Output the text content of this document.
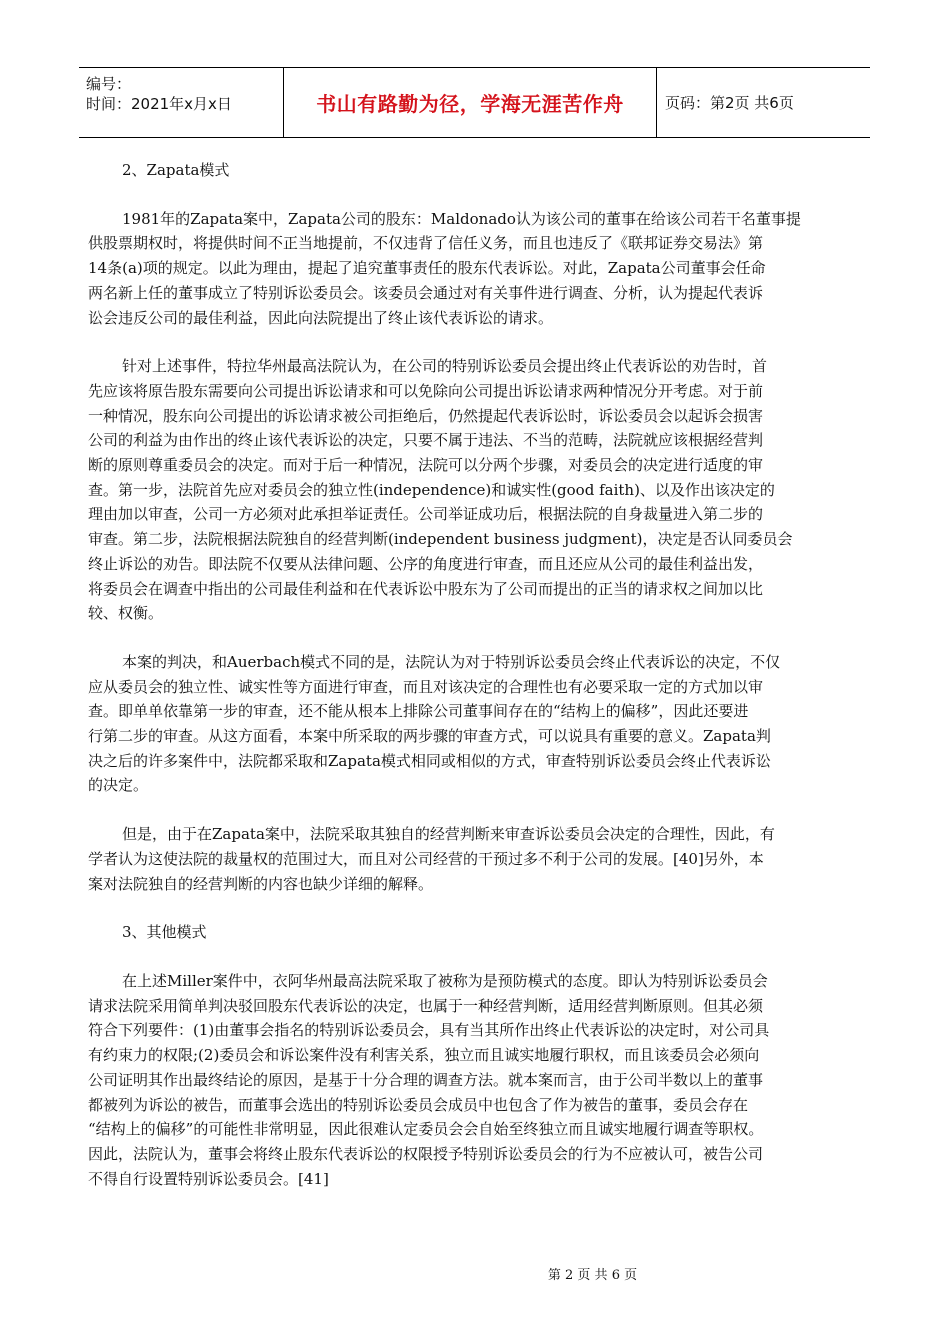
编号：
时间：2021年x月x日	书山有路勤为径，学海无涯苦作舟	页码：第2页 共6页

2、Zapata模式

1981年的Zapata案中，Zapata公司的股东：Maldonado认为该公司的董事在给该公司若干名董事提
供股票期权时，将提供时间不正当地提前，不仅违背了信任义务，而且也违反了《联邦证券交易法》第
14条(a)项的规定。以此为理由，提起了追究董事责任的股东代表诉讼。对此，Zapata公司董事会任命
两名新上任的董事成立了特别诉讼委员会。该委员会通过对有关事件进行调查、分析，认为提起代表诉
讼会违反公司的最佳利益，因此向法院提出了终止该代表诉讼的请求。

针对上述事件，特拉华州最高法院认为，在公司的特别诉讼委员会提出终止代表诉讼的劝告时，首
先应该将原告股东需要向公司提出诉讼请求和可以免除向公司提出诉讼请求两种情况分开考虑。对于前
一种情况，股东向公司提出的诉讼请求被公司拒绝后，仍然提起代表诉讼时，诉讼委员会以起诉会损害
公司的利益为由作出的终止该代表诉讼的决定，只要不属于违法、不当的范畴，法院就应该根据经营判
断的原则尊重委员会的决定。而对于后一种情况，法院可以分两个步骤，对委员会的决定进行适度的审
查。第一步，法院首先应对委员会的独立性(independence)和诚实性(good faith)、以及作出该决定的
理由加以审查，公司一方必须对此承担举证责任。公司举证成功后，根据法院的自身裁量进入第二步的
审查。第二步，法院根据法院独自的经营判断(independent business judgment)，决定是否认同委员会
终止诉讼的劝告。即法院不仅要从法律问题、公序的角度进行审查，而且还应从公司的最佳利益出发，
将委员会在调查中指出的公司最佳利益和在代表诉讼中股东为了公司而提出的正当的请求权之间加以比
较、权衡。

本案的判决，和Auerbach模式不同的是，法院认为对于特别诉讼委员会终止代表诉讼的决定，不仅
应从委员会的独立性、诚实性等方面进行审查，而且对该决定的合理性也有必要采取一定的方式加以审
查。即单单依靠第一步的审查，还不能从根本上排除公司董事间存在的“结构上的偏移”，因此还要进
行第二步的审查。从这方面看，本案中所采取的两步骤的审查方式，可以说具有重要的意义。Zapata判
决之后的许多案件中，法院都采取和Zapata模式相同或相似的方式，审查特别诉讼委员会终止代表诉讼
的决定。

但是，由于在Zapata案中，法院采取其独自的经营判断来审查诉讼委员会决定的合理性，因此，有
学者认为这使法院的裁量权的范围过大，而且对公司经营的干预过多不利于公司的发展。[40]另外，本
案对法院独自的经营判断的内容也缺少详细的解释。

3、其他模式

在上述Miller案件中，衣阿华州最高法院采取了被称为是预防模式的态度。即认为特别诉讼委员会
请求法院采用简单判决驳回股东代表诉讼的决定，也属于一种经营判断，适用经营判断原则。但其必须
符合下列要件：(1)由董事会指名的特别诉讼委员会，具有当其所作出终止代表诉讼的决定时，对公司具
有约束力的权限;(2)委员会和诉讼案件没有利害关系，独立而且诚实地履行职权，而且该委员会必须向
公司证明其作出最终结论的原因，是基于十分合理的调查方法。就本案而言，由于公司半数以上的董事
都被列为诉讼的被告，而董事会选出的特别诉讼委员会成员中也包含了作为被告的董事，委员会存在
“结构上的偏移”的可能性非常明显，因此很难认定委员会会自始至终独立而且诚实地履行调查等职权。
因此，法院认为，董事会将终止股东代表诉讼的权限授予特别诉讼委员会的行为不应被认可，被告公司
不得自行设置特别诉讼委员会。[41]

第 2 页 共 6 页
